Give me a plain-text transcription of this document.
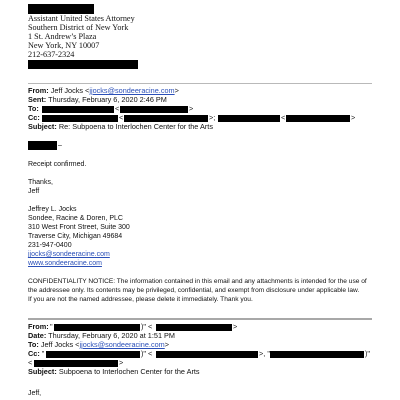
Assistant United States Attorney
Southern District of New York
1 St. Andrew’s Plaza
New York, NY 10007
212-637-2324
From: Jeff Jocks <jjocks@sondeeracine.com>
Sent: Thursday, February 6, 2020 2:46 PM
To:	<	>
Cc:	<	>;	<	>
Subject: Re: Subpoena to Interlochen Center for the Arts
–
Receipt confirmed.
Thanks,
Jeff
Jeffrey L. Jocks
Sondee, Racine & Doren, PLC
310 West Front Street, Suite 300
Traverse City, Michigan 49684
231-947-0400
jjocks@sondeeracine.com
www.sondeeracine.com
CONFIDENTIALITY NOTICE: The information contained in this email and any attachments is intended for the use of
the addressee only. Its contents may be privileged, confidential, and exempt from disclosure under applicable law.
If you are not the named addressee, please delete it immediately. Thank you.
From: "	)" <	>
Date: Thursday, February 6, 2020 at 1:51 PM
To: Jeff Jocks <jjocks@sondeeracine.com>
Cc: "	)" <	>, "	)"
<	>
Subject: Subpoena to Interlochen Center for the Arts
Jeff,
